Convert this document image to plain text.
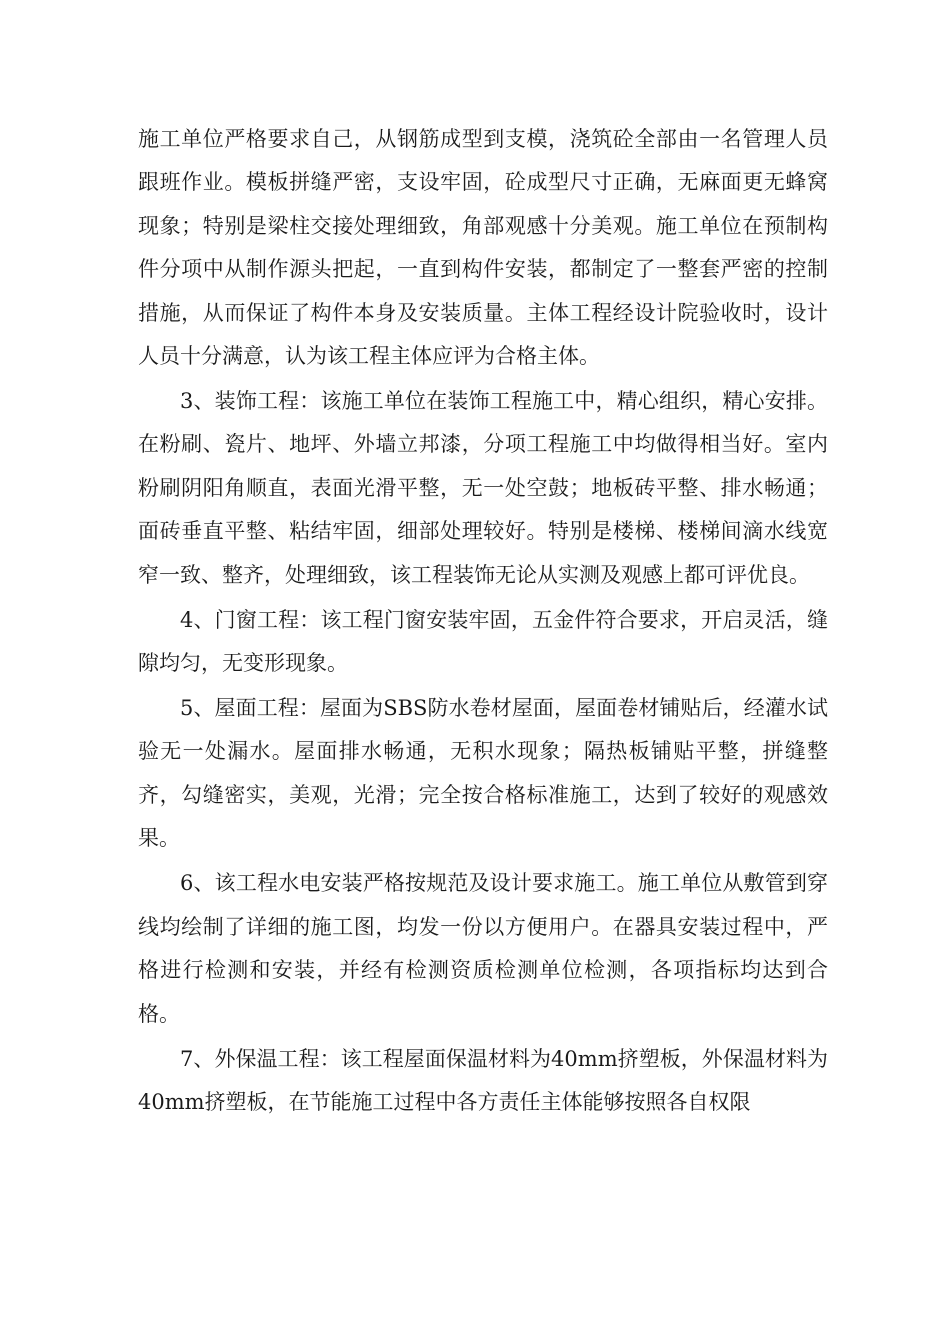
施工单位严格要求自己，从钢筋成型到支模，浇筑砼全部由一名管理人员跟班作业。模板拼缝严密，支设牢固，砼成型尺寸正确，无麻面更无蜂窝现象；特别是梁柱交接处理细致，角部观感十分美观。施工单位在预制构件分项中从制作源头把起，一直到构件安装，都制定了一整套严密的控制措施，从而保证了构件本身及安装质量。主体工程经设计院验收时，设计人员十分满意，认为该工程主体应评为合格主体。

3、装饰工程：该施工单位在装饰工程施工中，精心组织，精心安排。在粉刷、瓷片、地坪、外墙立邦漆，分项工程施工中均做得相当好。室内粉刷阴阳角顺直，表面光滑平整，无一处空鼓；地板砖平整、排水畅通；面砖垂直平整、粘结牢固，细部处理较好。特别是楼梯、楼梯间滴水线宽窄一致、整齐，处理细致，该工程装饰无论从实测及观感上都可评优良。

4、门窗工程：该工程门窗安装牢固，五金件符合要求，开启灵活，缝隙均匀，无变形现象。

5、屋面工程：屋面为SBS防水卷材屋面，屋面卷材铺贴后，经灌水试验无一处漏水。屋面排水畅通，无积水现象；隔热板铺贴平整，拼缝整齐，勾缝密实，美观，光滑；完全按合格标准施工，达到了较好的观感效果。

6、该工程水电安装严格按规范及设计要求施工。施工单位从敷管到穿线均绘制了详细的施工图，均发一份以方便用户。在器具安装过程中，严格进行检测和安装，并经有检测资质检测单位检测，各项指标均达到合格。

7、外保温工程：该工程屋面保温材料为40mm挤塑板，外保温材料为40mm挤塑板，在节能施工过程中各方责任主体能够按照各自权限
